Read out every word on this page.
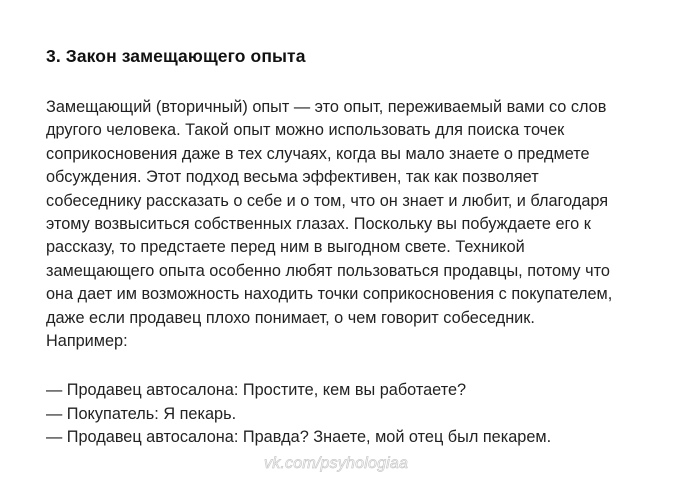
3. Закон замещающего опыта
Замещающий (вторичный) опыт — это опыт, переживаемый вами со слов
другого человека. Такой опыт можно использовать для поиска точек
соприкосновения даже в тех случаях, когда вы мало знаете о предмете
обсуждения. Этот подход весьма эффективен, так как позволяет
собеседнику рассказать о себе и о том, что он знает и любит, и благодаря
этому возвыситься собственных глазах. Поскольку вы побуждаете его к
рассказу, то предстаете перед ним в выгодном свете. Техникой
замещающего опыта особенно любят пользоваться продавцы, потому что
она дает им возможность находить точки соприкосновения с покупателем,
даже если продавец плохо понимает, о чем говорит собеседник.
Например:
— Продавец автосалона: Простите, кем вы работаете?
— Покупатель: Я пекарь.
— Продавец автосалона: Правда? Знаете, мой отец был пекарем.
vk.com/psyhologiaa
